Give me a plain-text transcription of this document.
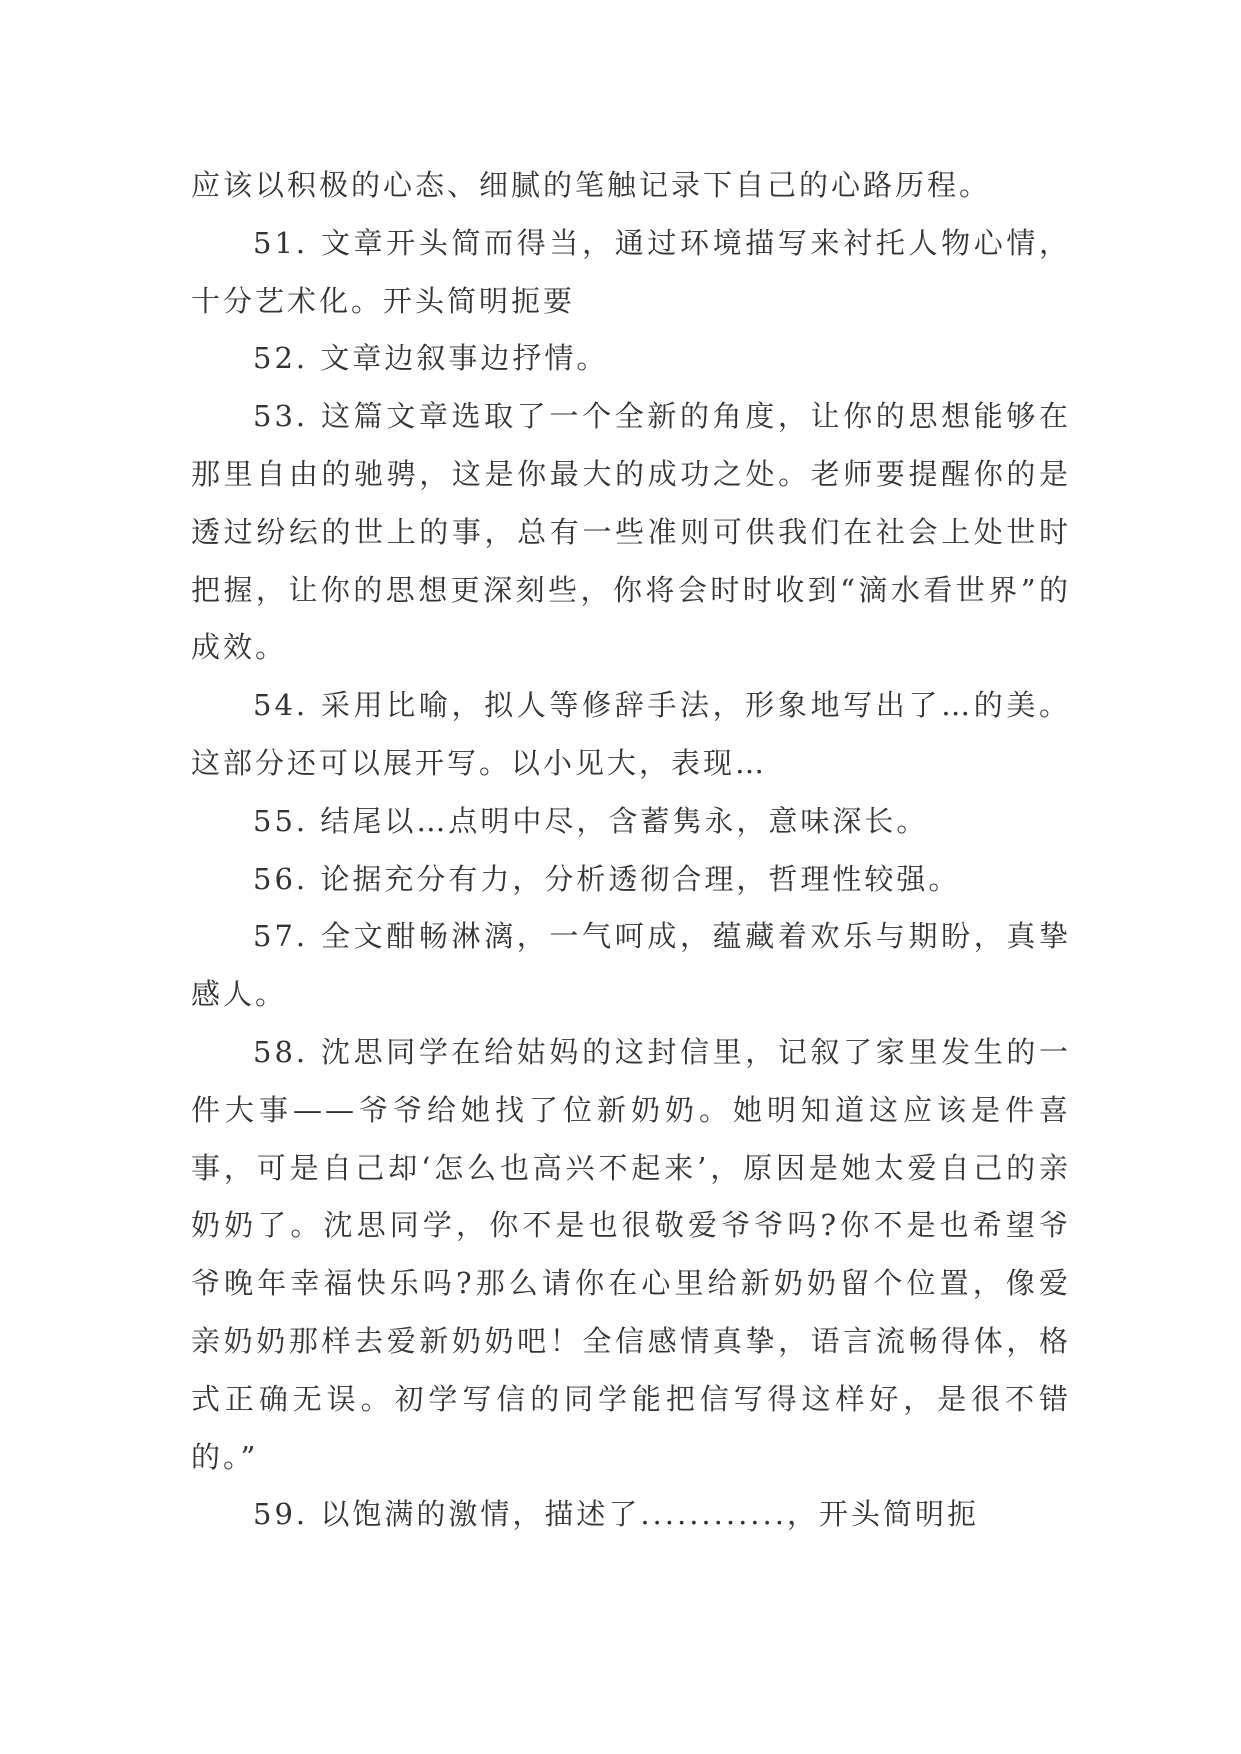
应该以积极的心态、细腻的笔触记录下自己的心路历程。

51. 文章开头简而得当，通过环境描写来衬托人物心情，十分艺术化。开头简明扼要

52. 文章边叙事边抒情。

53. 这篇文章选取了一个全新的角度，让你的思想能够在那里自由的驰骋，这是你最大的成功之处。老师要提醒你的是透过纷纭的世上的事，总有一些准则可供我们在社会上处世时把握，让你的思想更深刻些，你将会时时收到“滴水看世界”的成效。

54. 采用比喻，拟人等修辞手法，形象地写出了…的美。这部分还可以展开写。以小见大，表现…

55. 结尾以…点明中尽，含蓄隽永，意味深长。

56. 论据充分有力，分析透彻合理，哲理性较强。

57. 全文酣畅淋漓，一气呵成，蕴藏着欢乐与期盼，真挚感人。

58. 沈思同学在给姑妈的这封信里，记叙了家里发生的一件大事——爷爷给她找了位新奶奶。她明知道这应该是件喜事，可是自己却‘怎么也高兴不起来’，原因是她太爱自己的亲奶奶了。沈思同学，你不是也很敬爱爷爷吗?你不是也希望爷爷晚年幸福快乐吗?那么请你在心里给新奶奶留个位置，像爱亲奶奶那样去爱新奶奶吧！全信感情真挚，语言流畅得体，格式正确无误。初学写信的同学能把信写得这样好，是很不错的。”

59. 以饱满的激情，描述了............，开头简明扼
